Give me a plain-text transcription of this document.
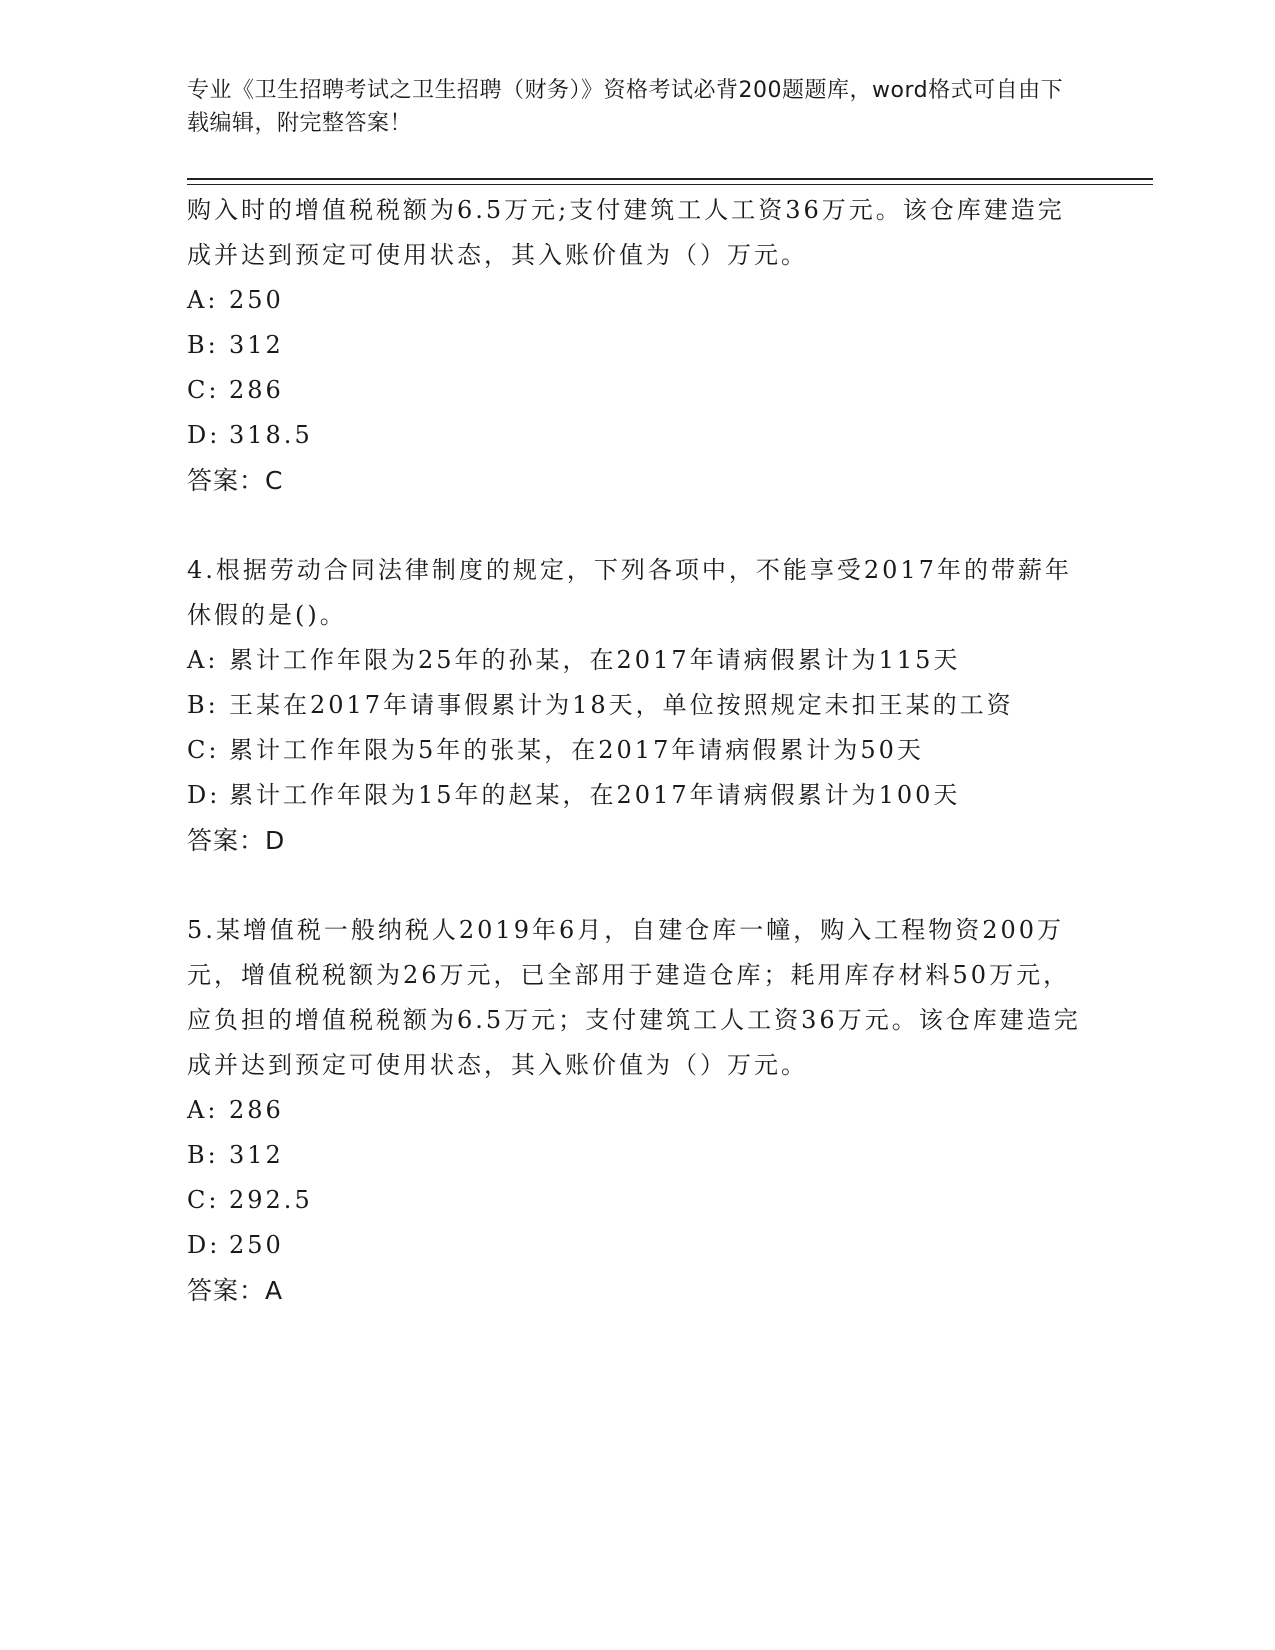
专业《卫生招聘考试之卫生招聘（财务）》资格考试必背200题题库，word格式可自由下载编辑，附完整答案！
购入时的增值税税额为6.5万元;支付建筑工人工资36万元。该仓库建造完成并达到预定可使用状态，其入账价值为（）万元。
A: 250
B: 312
C: 286
D: 318.5
答案：C
4.根据劳动合同法律制度的规定，下列各项中，不能享受2017年的带薪年休假的是()。
A: 累计工作年限为25年的孙某，在2017年请病假累计为115天
B: 王某在2017年请事假累计为18天，单位按照规定未扣王某的工资
C: 累计工作年限为5年的张某，在2017年请病假累计为50天
D: 累计工作年限为15年的赵某，在2017年请病假累计为100天
答案：D
5.某增值税一般纳税人2019年6月，自建仓库一幢，购入工程物资200万元，增值税税额为26万元，已全部用于建造仓库；耗用库存材料50万元，应负担的增值税税额为6.5万元；支付建筑工人工资36万元。该仓库建造完成并达到预定可使用状态，其入账价值为（）万元。
A: 286
B: 312
C: 292.5
D: 250
答案：A
